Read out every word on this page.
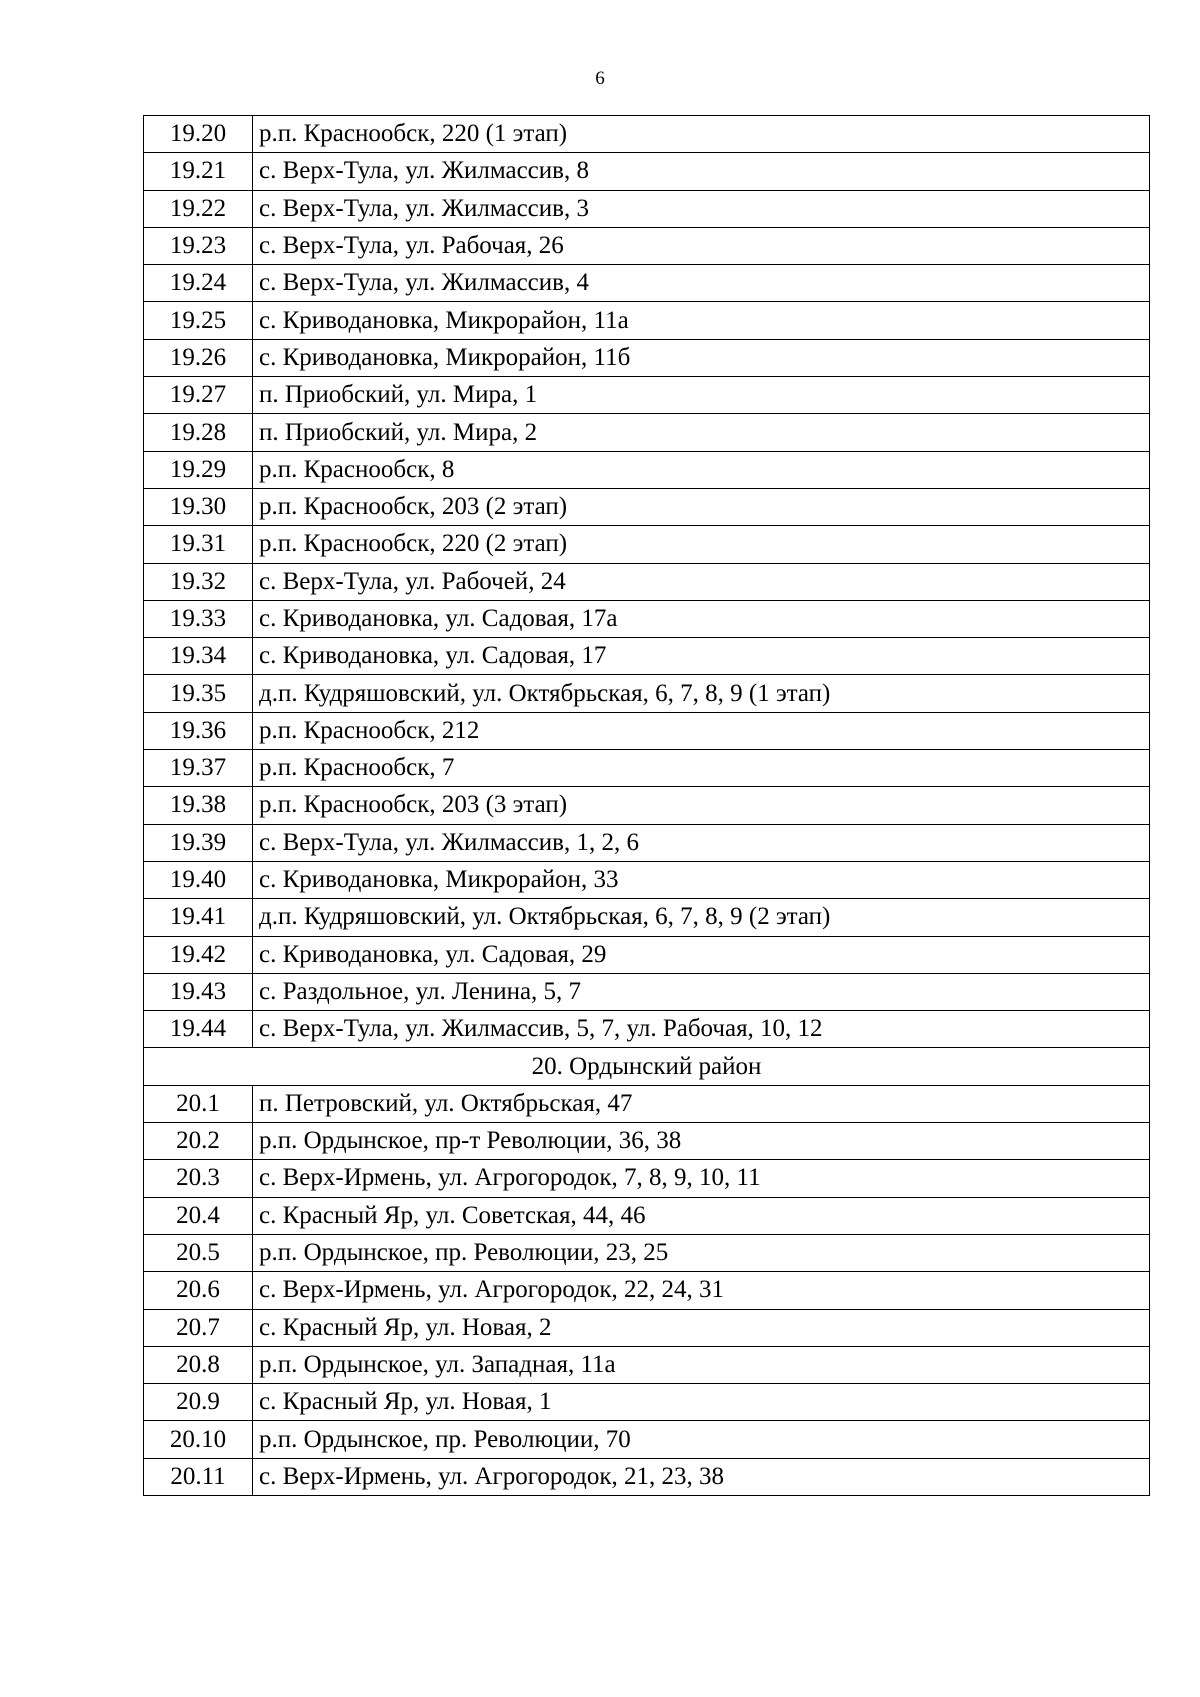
6
19.20	р.п. Краснообск, 220 (1 этап)
19.21	с. Верх-Тула, ул. Жилмассив, 8
19.22	с. Верх-Тула, ул. Жилмассив, 3
19.23	с. Верх-Тула, ул. Рабочая, 26
19.24	с. Верх-Тула, ул. Жилмассив, 4
19.25	с. Криводановка, Микрорайон, 11а
19.26	с. Криводановка, Микрорайон, 11б
19.27	п. Приобский, ул. Мира, 1
19.28	п. Приобский, ул. Мира, 2
19.29	р.п. Краснообск, 8
19.30	р.п. Краснообск, 203 (2 этап)
19.31	р.п. Краснообск, 220 (2 этап)
19.32	с. Верх-Тула, ул. Рабочей, 24
19.33	с. Криводановка, ул. Садовая, 17а
19.34	с. Криводановка, ул. Садовая, 17
19.35	д.п. Кудряшовский, ул. Октябрьская, 6, 7, 8, 9 (1 этап)
19.36	р.п. Краснообск, 212
19.37	р.п. Краснообск, 7
19.38	р.п. Краснообск, 203 (3 этап)
19.39	с. Верх-Тула, ул. Жилмассив, 1, 2, 6
19.40	с. Криводановка, Микрорайон, 33
19.41	д.п. Кудряшовский, ул. Октябрьская, 6, 7, 8, 9 (2 этап)
19.42	с. Криводановка, ул. Садовая, 29
19.43	с. Раздольное, ул. Ленина, 5, 7
19.44	с. Верх-Тула, ул. Жилмассив, 5, 7, ул. Рабочая, 10, 12
20. Ордынский район	
20.1	п. Петровский, ул. Октябрьская, 47
20.2	р.п. Ордынское, пр-т Революции, 36, 38
20.3	с. Верх-Ирмень, ул. Агрогородок, 7, 8, 9, 10, 11
20.4	с. Красный Яр, ул. Советская, 44, 46
20.5	р.п. Ордынское, пр. Революции, 23, 25
20.6	с. Верх-Ирмень, ул. Агрогородок, 22, 24, 31
20.7	с. Красный Яр, ул. Новая, 2
20.8	р.п. Ордынское, ул. Западная, 11а
20.9	с. Красный Яр, ул. Новая, 1
20.10	р.п. Ордынское, пр. Революции, 70
20.11	с. Верх-Ирмень, ул. Агрогородок, 21, 23, 38
